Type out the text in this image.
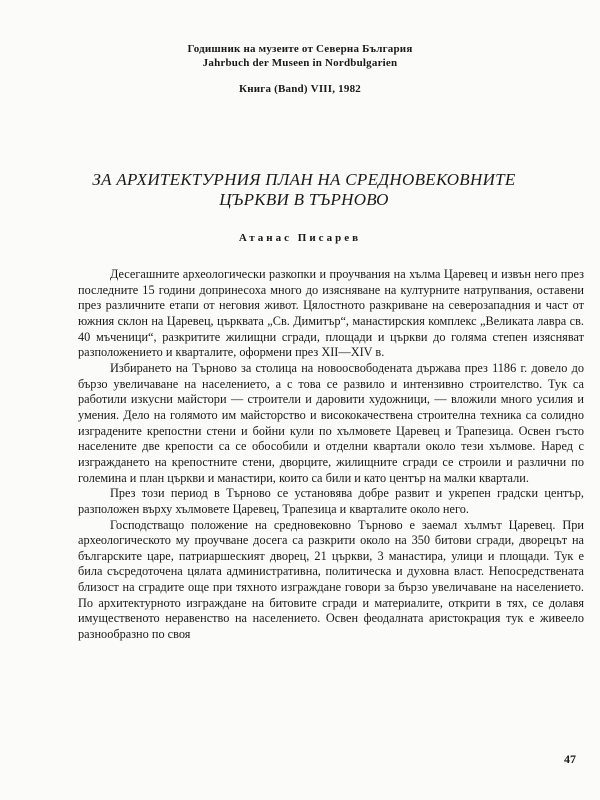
Годишник на музеите от Северна България
Jahrbuch der Museen in Nordbulgarien
Книга (Band) VIII, 1982
ЗА АРХИТЕКТУРНИЯ ПЛАН НА СРЕДНОВЕКОВНИТЕ
ЦЪРКВИ В ТЪРНОВО
Атанас Писарев

Десегашните археологически разкопки и проучвания на хълма Царевец и извън него през последните 15 години допринесоха много до изясняване на културните натрупвания, оставени през различните етапи от неговия живот. Цялостното разкриване на северозападния и част от южния склон на Царевец, църквата „Св. Димитър“, манастирския комплекс „Великата лавра св. 40 мъченици“, разкритите жилищни сгради, площади и църкви до голяма степен изясняват разположението и кварталите, оформени през XII—XIV в.

Избирането на Търново за столица на новоосвободената държава през 1186 г. довело до бързо увеличаване на населението, а с това се развило и интензивно строителство. Тук са работили изкусни майстори — строители и даровити художници, — вложили много усилия и умения. Дело на голямото им майсторство и висококачествена строителна техника са солидно изградените крепостни стени и бойни кули по хълмовете Царевец и Трапезица. Освен гъсто населените две крепости са се обособили и отделни квартали около тези хълмове. Наред с изграждането на крепостните стени, дворците, жилищните сгради се строили и различни по големина и план църкви и манастири, които са били и като център на малки квартали.

През този период в Търново се установява добре развит и укрепен градски център, разположен върху хълмовете Царевец, Трапезица и кварталите около него.

Господстващо положение на средновековно Търново е заемал хълмът Царевец. При археологическото му проучване досега са разкрити около на 350 битови сгради, дворецът на българските царе, патриаршеският дворец, 21 църкви, 3 манастира, улици и площади. Тук е била съсредоточена цялата административна, политическа и духовна власт. Непосредствената близост на сградите още при тяхното изграждане говори за бързо увеличаване на населението. По архитектурното изграждане на битовите сгради и материалите, открити в тях, се долавя имущественото неравенство на населението. Освен феодалната аристокрация тук е живеело разнообразно по своя

47
